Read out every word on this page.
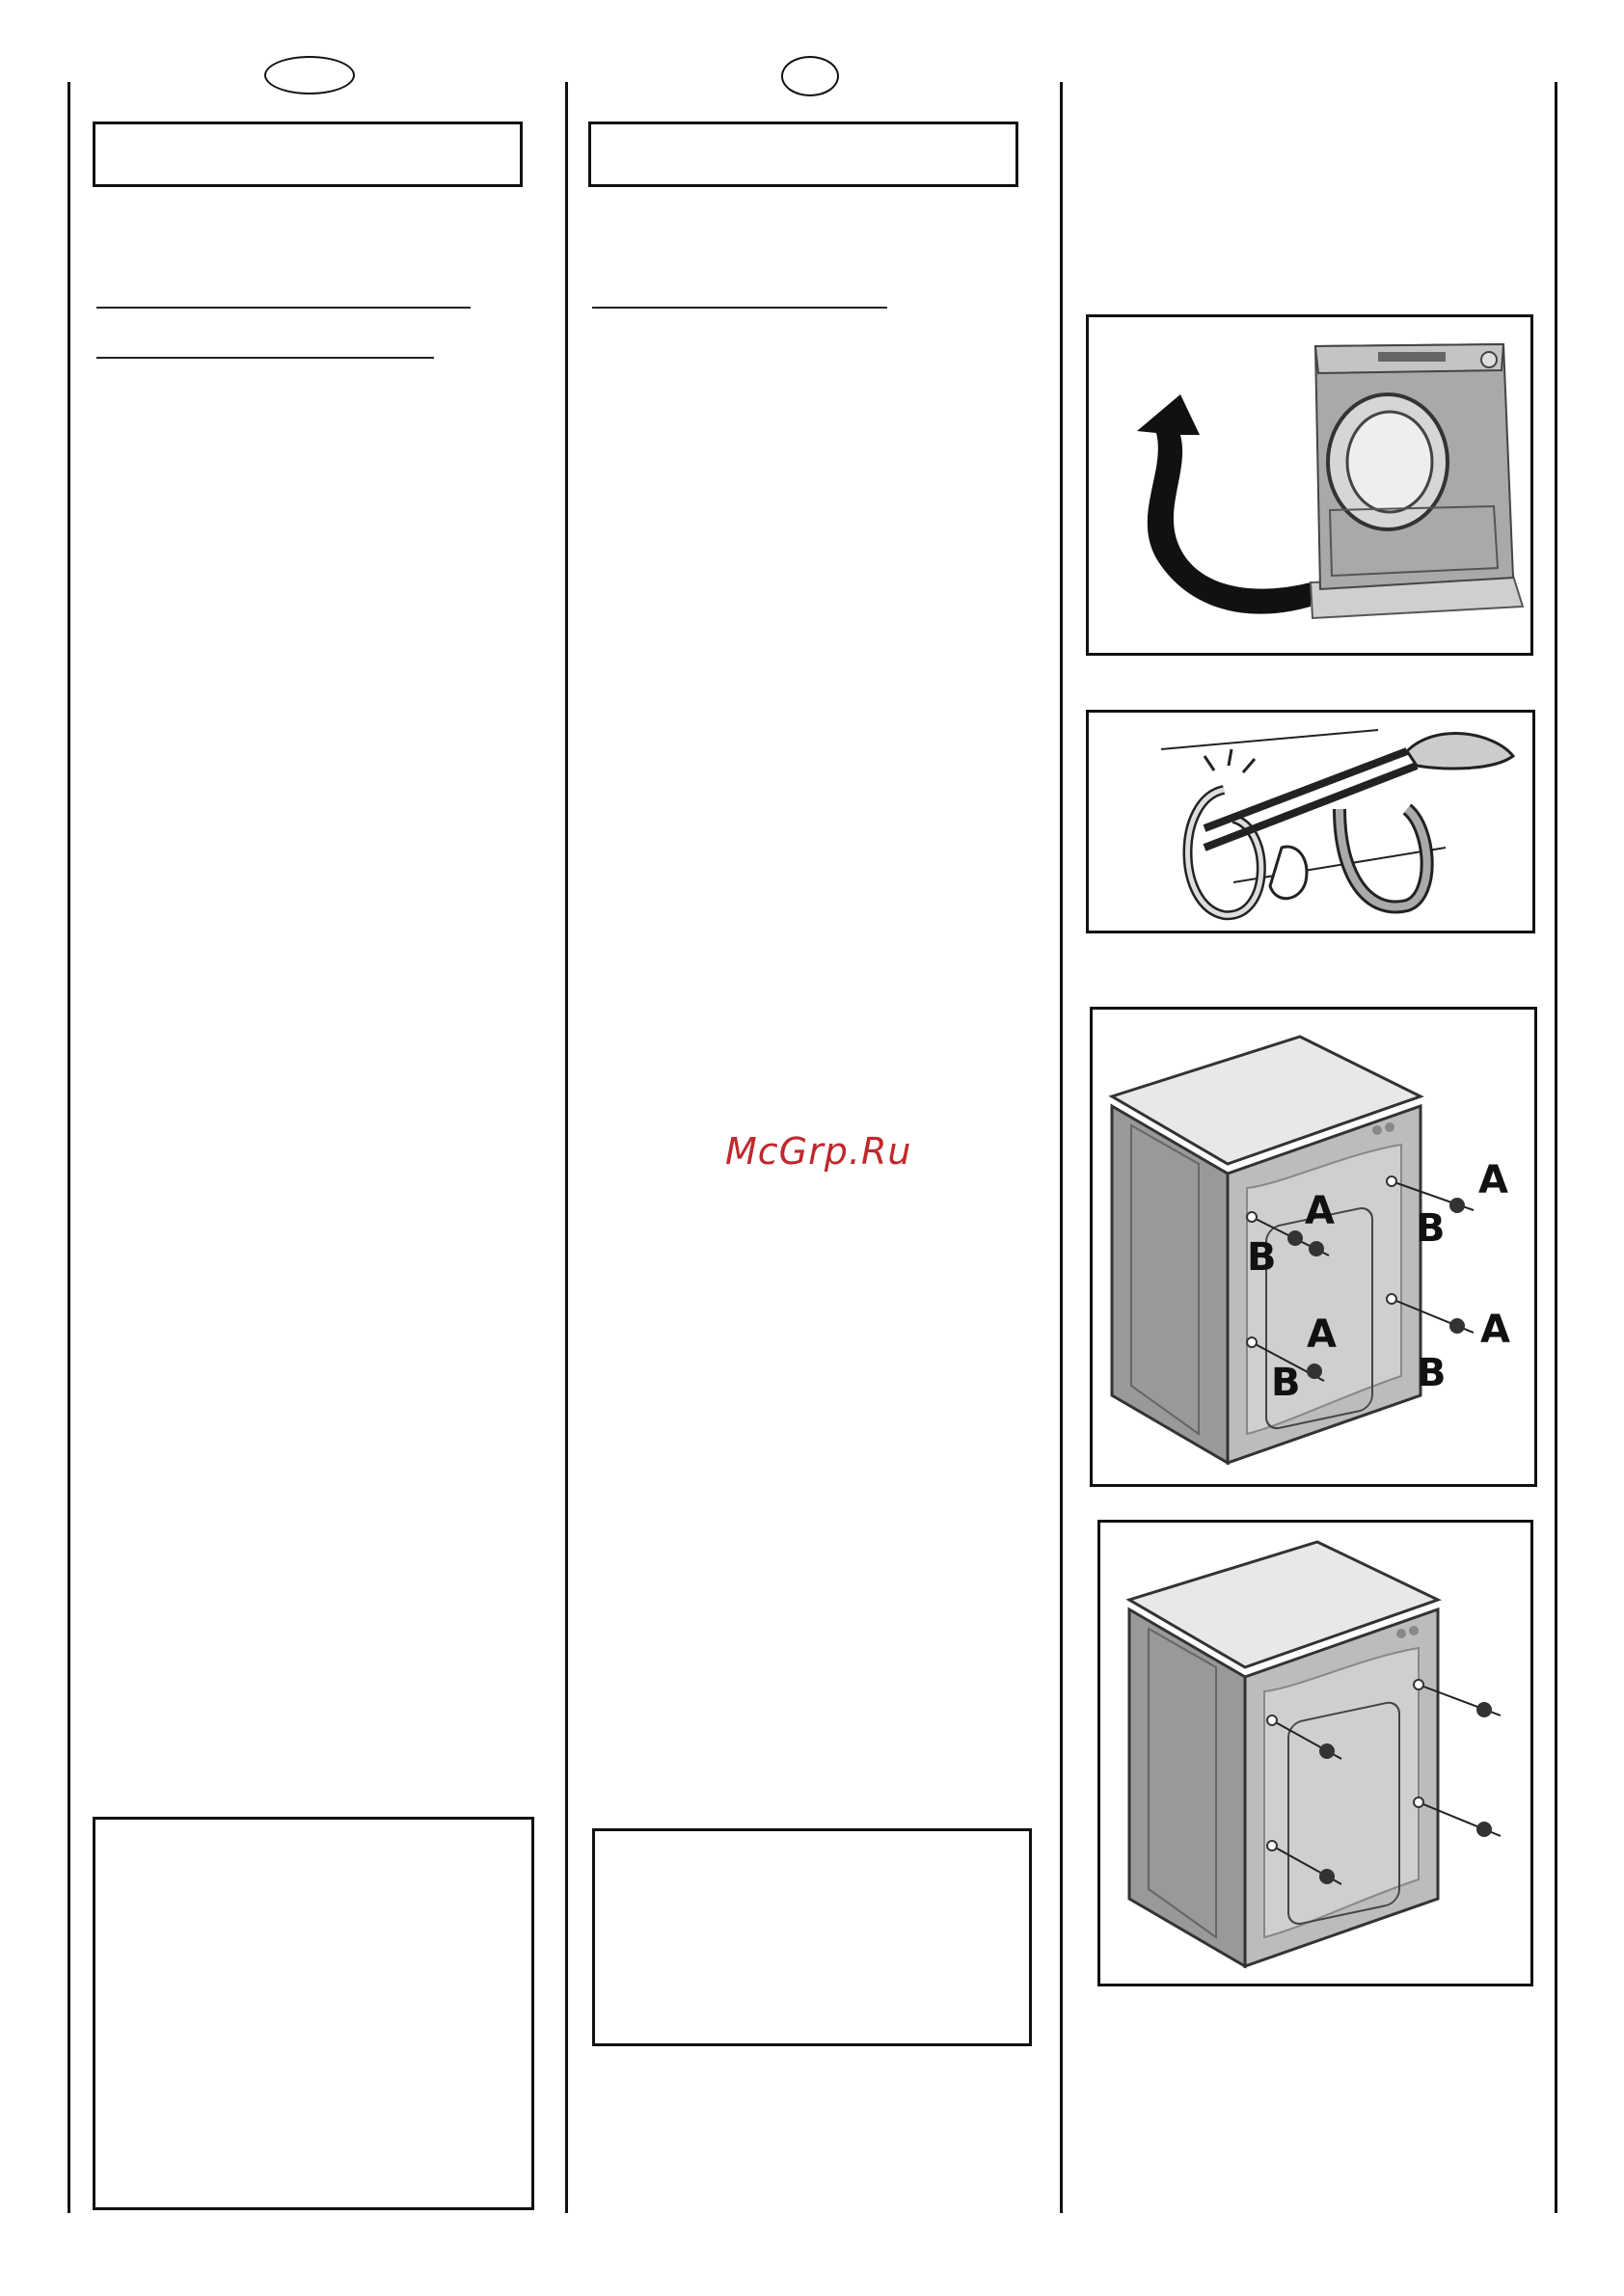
McGrp.Ru
A
B
A
B
A
B
A
B
